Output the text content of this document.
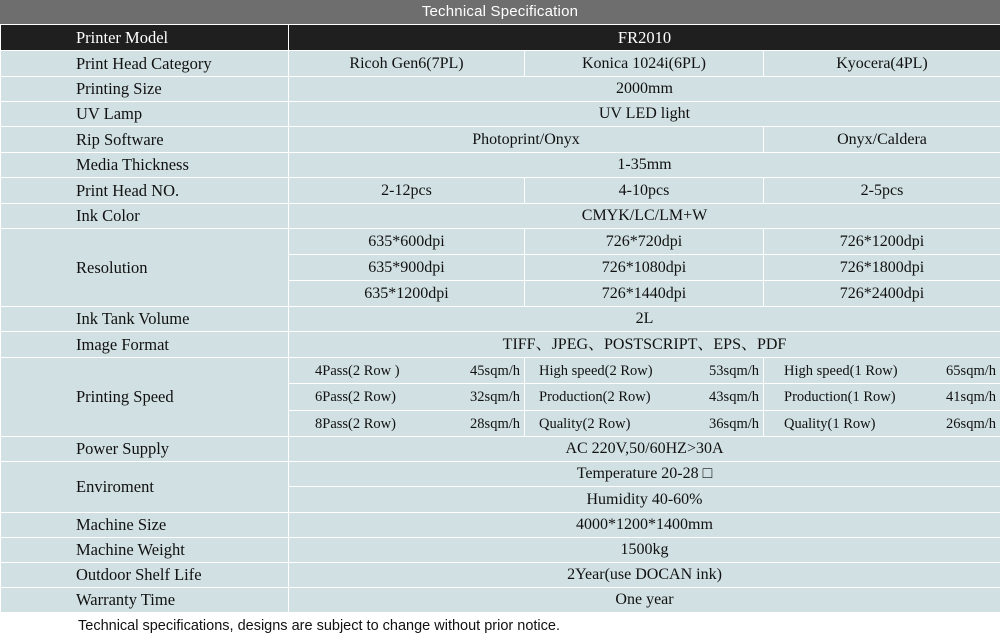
Technical Specification
Printer Model	FR2010		
Print Head Category	Ricoh Gen6(7PL)	Konica 1024i(6PL)	Kyocera(4PL)
Printing Size	2000mm		
UV Lamp	UV LED light		
Rip Software	Photoprint/Onyx		Onyx/Caldera
Media Thickness	1-35mm		
Print Head NO.	2-12pcs	4-10pcs	2-5pcs
Ink Color	CMYK/LC/LM+W		
Resolution	635*600dpi	726*720dpi	726*1200dpi
	635*900dpi	726*1080dpi	726*1800dpi
	635*1200dpi	726*1440dpi	726*2400dpi
Ink Tank Volume	2L		
Image Format	TIFF、JPEG、POSTSCRIPT、EPS、PDF		
Printing Speed	4Pass(2 Row ) 45sqm/h	High speed(2 Row) 53sqm/h	High speed(1 Row) 65sqm/h

	6Pass(2 Row) 32sqm/h	Production(2 Row) 43sqm/h	Production(1 Row) 41sqm/h

	8Pass(2 Row) 28sqm/h	Quality(2 Row) 36sqm/h	Quality(1 Row) 26sqm/h

Power Supply	AC 220V,50/60HZ>30A		
Enviroment	Temperature 20-28 □		
	Humidity 40-60%		
Machine Size	4000*1200*1400mm		
Machine Weight	1500kg		
Outdoor Shelf Life	2Year(use DOCAN ink)		
Warranty Time	One year		
Technical specifications, designs are subject to change without prior notice.
